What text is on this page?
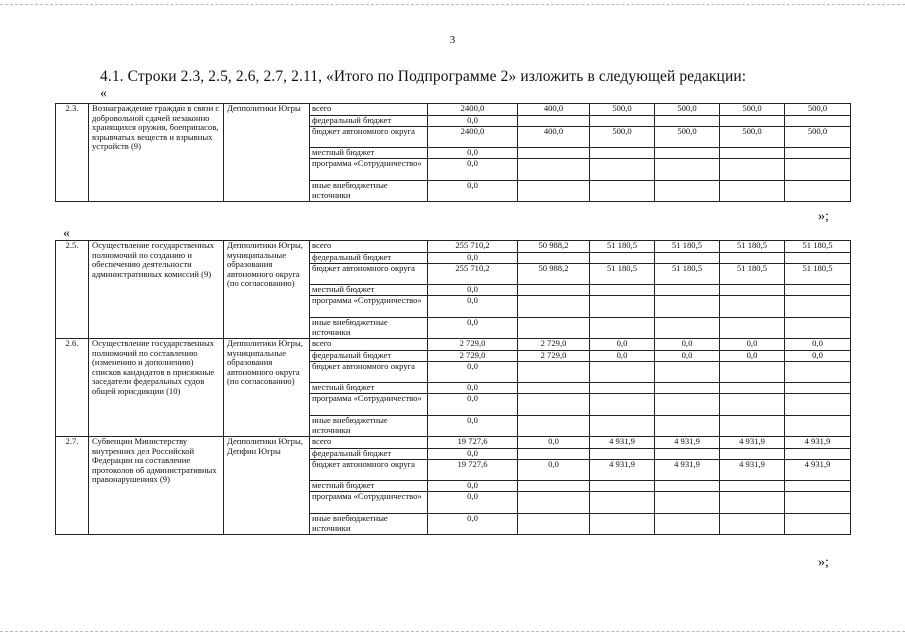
3
4.1. Строки 2.3, 2.5, 2.6, 2.7, 2.11, «Итого по Подпрограмме 2» изложить в следующей редакции:
«
«
»;
»;
2.3.	Вознаграждение граждан в связи с добровольной сдачей незаконно хранящихся оружия, боеприпасов, взрывчатых веществ и взрывных устройств (9)	Депполитики Югры	всего	2400,0	400,0	500,0	500,0	500,0	500,0
			федеральный бюджет	0,0					
			бюджет автономного округа	2400,0	400,0	500,0	500,0	500,0	500,0
			местный бюджет	0,0					
			программа «Сотрудничество»	0,0					
			иные внебюджетные источники	0,0					
2.5.	Осуществление государственных полномочий по созданию и обеспечению деятельности административных комиссий (9)	Депполитики Югры, муниципальные образования автономного округа (по согласованию)	всего	255 710,2	50 988,2	51 180,5	51 180,5	51 180,5	51 180,5
			федеральный бюджет	0,0					
			бюджет автономного округа	255 710,2	50 988,2	51 180,5	51 180,5	51 180,5	51 180,5
			местный бюджет	0,0					
			программа «Сотрудничество»	0,0					
			иные внебюджетные источники	0,0					
2.6.	Осуществление государственных полномочий по составлению (изменению и дополнению) списков кандидатов в присяжные заседатели федеральных судов общей юрисдикции (10)	Депполитики Югры, муниципальные образования автономного округа (по согласованию)	всего	2 729,0	2 729,0	0,0	0,0	0,0	0,0
			федеральный бюджет	2 729,0	2 729,0	0,0	0,0	0,0	0,0
			бюджет автономного округа	0,0					
			местный бюджет	0,0					
			программа «Сотрудничество»	0,0					
			иные внебюджетные источники	0,0					
2.7.	Субвенции Министерству внутренних дел Российской Федерации на составление протоколов об административных правонарушениях (9)	Депполитики Югры, Депфин Югры	всего	19 727,6	0,0	4 931,9	4 931,9	4 931,9	4 931,9
			федеральный бюджет	0,0					
			бюджет автономного округа	19 727,6	0,0	4 931,9	4 931,9	4 931,9	4 931,9
			местный бюджет	0,0					
			программа «Сотрудничество»	0,0					
			иные внебюджетные источники	0,0					
